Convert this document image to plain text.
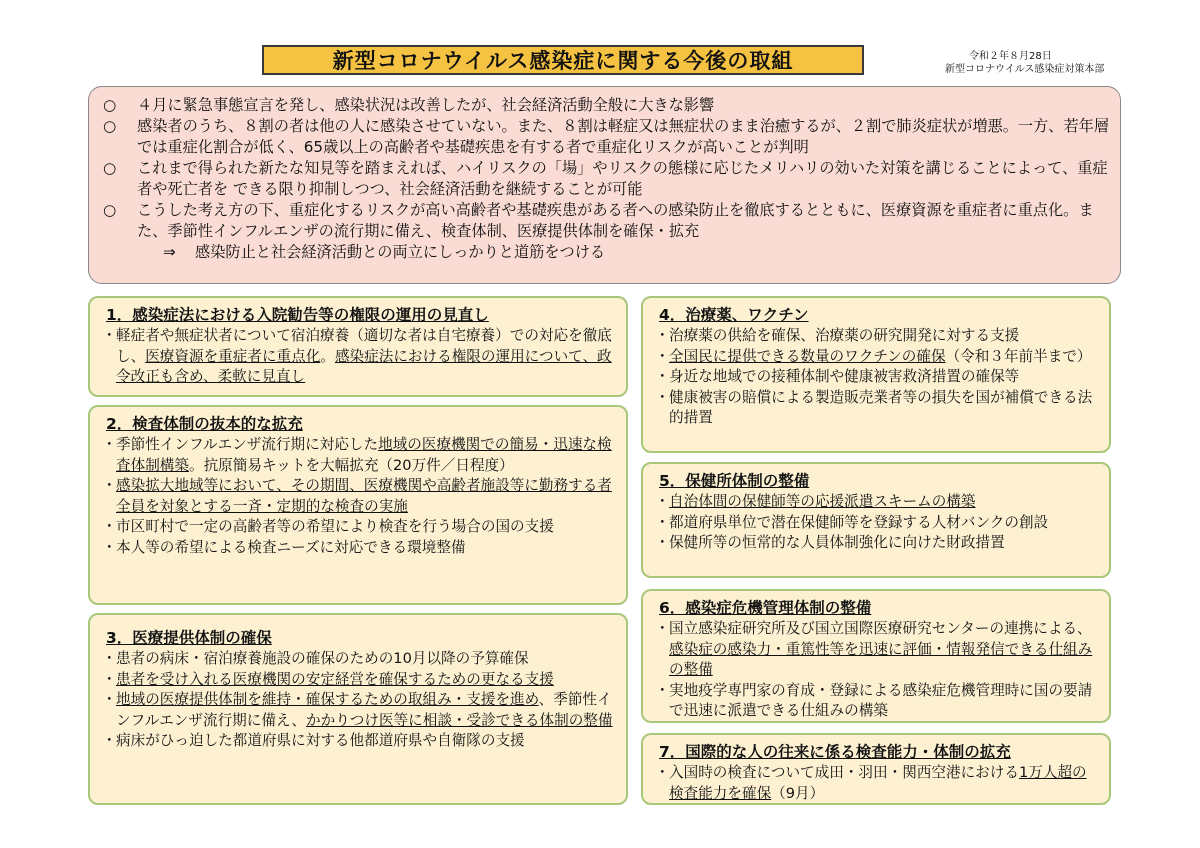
新型コロナウイルス感染症に関する今後の取組	令和２年８月28日
新型コロナウイルス感染症対策本部
○	４月に緊急事態宣言を発し、感染状況は改善したが、社会経済活動全般に大きな影響
○	感染者のうち、８割の者は他の人に感染させていない。また、８割は軽症又は無症状のまま治癒するが、２割で肺炎症状が増悪。一方、若年層では重症化割合が低く、65歳以上の高齢者や基礎疾患を有する者で重症化リスクが高いことが判明
○	これまで得られた新たな知見等を踏まえれば、ハイリスクの「場」やリスクの態様に応じたメリハリの効いた対策を講じることによって、重症者や死亡者を できる限り抑制しつつ、社会経済活動を継続することが可能
○	こうした考え方の下、重症化するリスクが高い高齢者や基礎疾患がある者への感染防止を徹底するとともに、医療資源を重症者に重点化。また、季節性インフルエンザの流行期に備え、検査体制、医療提供体制を確保・拡充
⇒ 感染防止と社会経済活動との両立にしっかりと道筋をつける
1．感染症法における入院勧告等の権限の運用の見直し
・ 軽症者や無症状者について宿泊療養（適切な者は自宅療養）での対応を徹底し、医療資源を重症者に重点化。感染症法における権限の運用について、政令改正も含め、柔軟に見直し
2．検査体制の抜本的な拡充
・ 季節性インフルエンザ流行期に対応した地域の医療機関での簡易・迅速な検査体制構築。抗原簡易キットを大幅拡充（20万件／日程度）
・ 感染拡大地域等において、その期間、医療機関や高齢者施設等に勤務する者全員を対象とする一斉・定期的な検査の実施
・ 市区町村で一定の高齢者等の希望により検査を行う場合の国の支援
・ 本人等の希望による検査ニーズに対応できる環境整備
3．医療提供体制の確保
・ 患者の病床・宿泊療養施設の確保のための10月以降の予算確保
・ 患者を受け入れる医療機関の安定経営を確保するための更なる支援
・ 地域の医療提供体制を維持・確保するための取組み・支援を進め、季節性インフルエンザ流行期に備え、かかりつけ医等に相談・受診できる体制の整備
・ 病床がひっ迫した都道府県に対する他都道府県や自衛隊の支援
4．治療薬、ワクチン
・ 治療薬の供給を確保、治療薬の研究開発に対する支援
・ 全国民に提供できる数量のワクチンの確保（令和３年前半まで）
・ 身近な地域での接種体制や健康被害救済措置の確保等
・ 健康被害の賠償による製造販売業者等の損失を国が補償できる法的措置
5．保健所体制の整備
・ 自治体間の保健師等の応援派遣スキームの構築
・ 都道府県単位で潜在保健師等を登録する人材バンクの創設
・ 保健所等の恒常的な人員体制強化に向けた財政措置
6．感染症危機管理体制の整備
・ 国立感染症研究所及び国立国際医療研究センターの連携による、感染症の感染力・重篤性等を迅速に評価・情報発信できる仕組みの整備
・ 実地疫学専門家の育成・登録による感染症危機管理時に国の要請で迅速に派遣できる仕組みの構築
7．国際的な人の往来に係る検査能力・体制の拡充
・ 入国時の検査について成田・羽田・関西空港における1万人超の検査能力を確保（9月）
